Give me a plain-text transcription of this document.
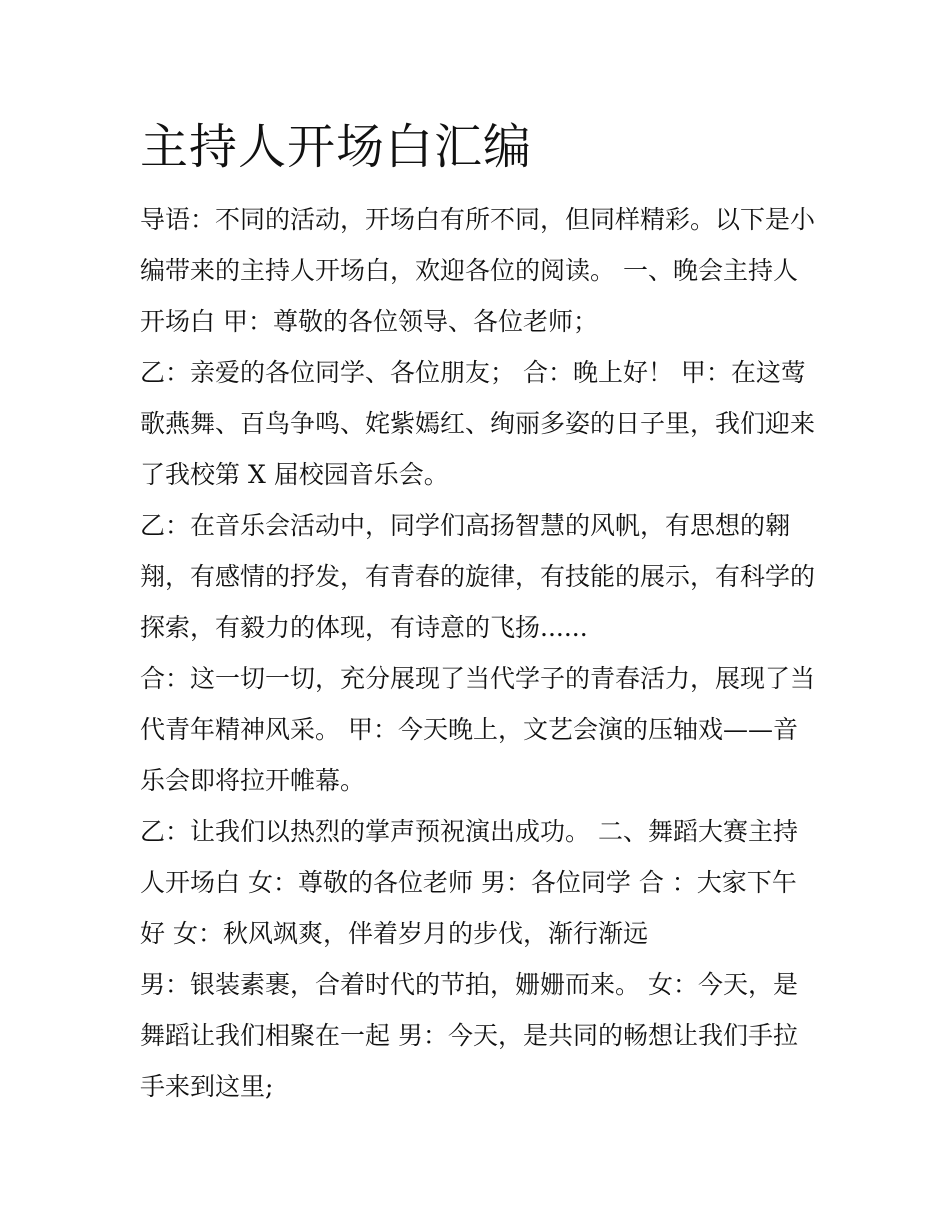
主持人开场白汇编
导语：不同的活动，开场白有所不同，但同样精彩。以下是小
编带来的主持人开场白，欢迎各位的阅读。 一、晚会主持人
开场白 甲：尊敬的各位领导、各位老师；
乙：亲爱的各位同学、各位朋友； 合：晚上好！ 甲：在这莺
歌燕舞、百鸟争鸣、姹紫嫣红、绚丽多姿的日子里，我们迎来
了我校第 X 届校园音乐会。
乙：在音乐会活动中，同学们高扬智慧的风帆，有思想的翱
翔，有感情的抒发，有青春的旋律，有技能的展示，有科学的
探索，有毅力的体现，有诗意的飞扬......
合：这一切一切，充分展现了当代学子的青春活力，展现了当
代青年精神风采。 甲：今天晚上，文艺会演的压轴戏——音
乐会即将拉开帷幕。
乙：让我们以热烈的掌声预祝演出成功。 二、舞蹈大赛主持
人开场白 女：尊敬的各位老师 男：各位同学 合 ：大家下午
好 女：秋风飒爽，伴着岁月的步伐，渐行渐远
男：银装素裹，合着时代的节拍，姗姗而来。 女：今天，是
舞蹈让我们相聚在一起 男：今天，是共同的畅想让我们手拉
手来到这里;
